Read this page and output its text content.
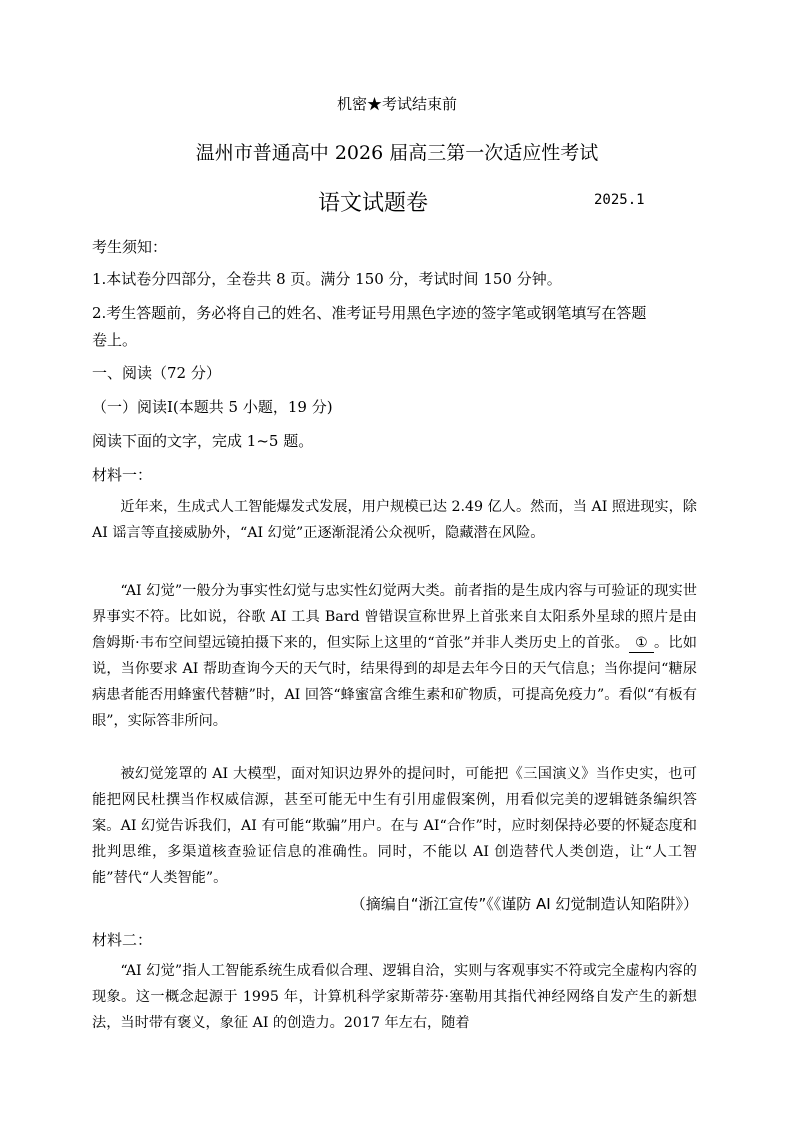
机密★考试结束前
温州市普通高中 2026 届高三第一次适应性考试
语文试题卷	2025.1
考生须知：
1.本试卷分四部分，全卷共 8 页。满分 150 分，考试时间 150 分钟。
2.考生答题前，务必将自己的姓名、准考证号用黑色字迹的签字笔或钢笔填写在答题
卷上。
一、阅读（72 分）
（一）阅读Ⅰ(本题共 5 小题，19 分)
阅读下面的文字，完成 1~5 题。
材料一：
近年来，生成式人工智能爆发式发展，用户规模已达 2.49 亿人。然而，当 AI 照进现实，除 AI 谣言等直接威胁外，“AI 幻觉”正逐渐混淆公众视听，隐藏潜在风险。
“AI 幻觉”一般分为事实性幻觉与忠实性幻觉两大类。前者指的是生成内容与可验证的现实世界事实不符。比如说，谷歌 AI 工具 Bard 曾错误宣称世界上首张来自太阳系外星球的照片是由詹姆斯·韦布空间望远镜拍摄下来的，但实际上这里的“首张”并非人类历史上的首张。 ① 。比如说，当你要求 AI 帮助查询今天的天气时，结果得到的却是去年今日的天气信息；当你提问“糖尿病患者能否用蜂蜜代替糖”时，AI 回答“蜂蜜富含维生素和矿物质，可提高免疫力”。看似“有板有眼”，实际答非所问。
被幻觉笼罩的 AI 大模型，面对知识边界外的提问时，可能把《三国演义》当作史实，也可能把网民杜撰当作权威信源，甚至可能无中生有引用虚假案例，用看似完美的逻辑链条编织答案。AI 幻觉告诉我们，AI 有可能“欺骗”用户。在与 AI“合作”时，应时刻保持必要的怀疑态度和批判思维，多渠道核查验证信息的准确性。同时，不能以 AI 创造替代人类创造，让“人工智能”替代“人类智能”。
（摘编自“浙江宣传”《《谨防 AI 幻觉制造认知陷阱》）
材料二：
“AI 幻觉”指人工智能系统生成看似合理、逻辑自洽，实则与客观事实不符或完全虚构内容的现象。这一概念起源于 1995 年，计算机科学家斯蒂芬·塞勒用其指代神经网络自发产生的新想法，当时带有褒义，象征 AI 的创造力。2017 年左右，随着
